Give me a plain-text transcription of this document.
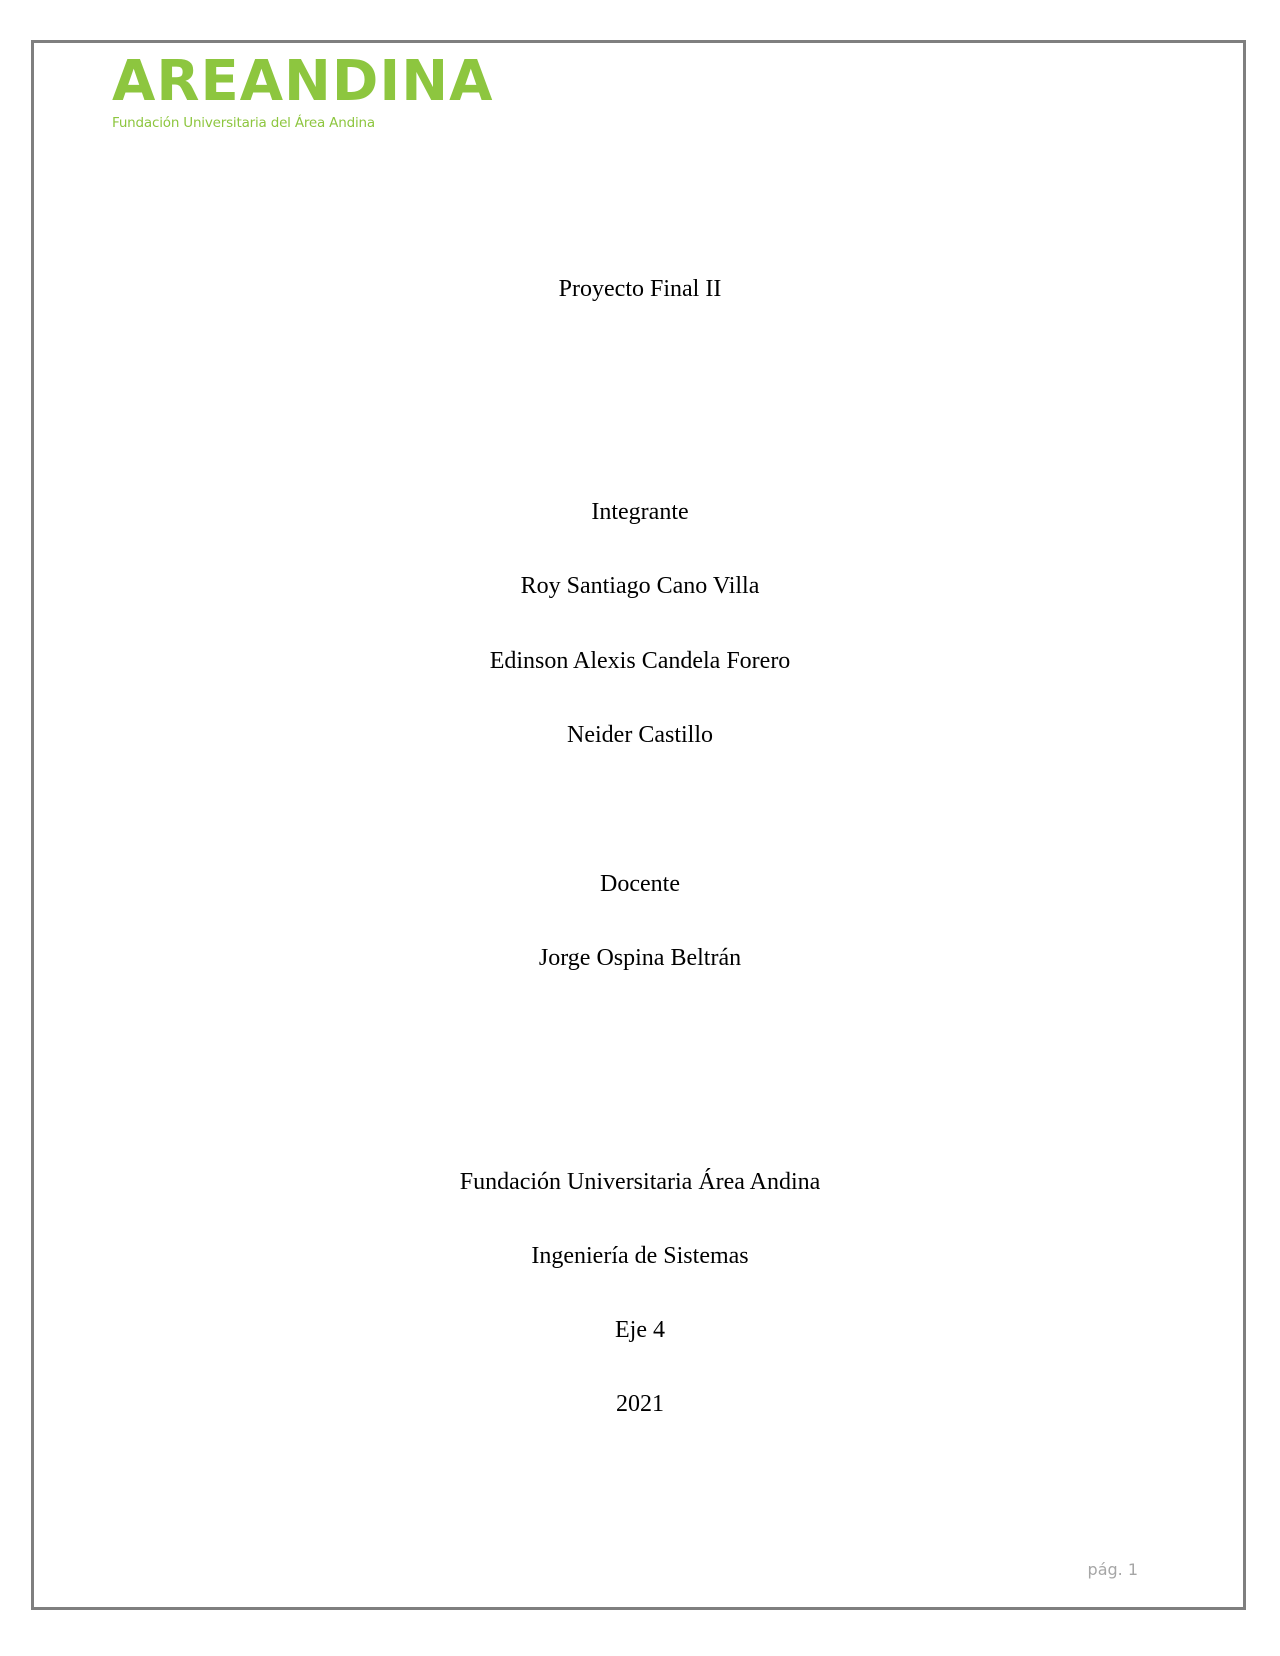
AREANDINA
Fundación Universitaria del Área Andina
Proyecto Final II
Integrante
Roy Santiago Cano Villa
Edinson Alexis Candela Forero
Neider Castillo
Docente
Jorge Ospina Beltrán
Fundación Universitaria Área Andina
Ingeniería de Sistemas
Eje 4
2021
pág. 1
